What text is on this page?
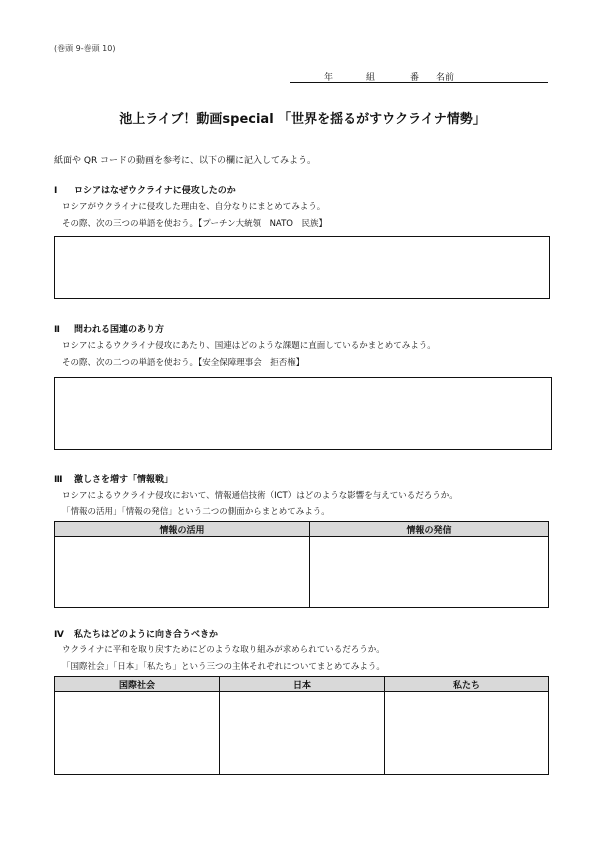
(巻頭 9-巻頭 10)
年	組	番 名前
池上ライブ！動画special 「世界を揺るがすウクライナ情勢」
紙面や QR コードの動画を参考に、以下の欄に記入してみよう。
Ⅰ ロシアはなぜウクライナに侵攻したのか
ロシアがウクライナに侵攻した理由を、自分なりにまとめてみよう。
その際、次の三つの単語を使おう。【プーチン大統領　NATO　民族】
Ⅱ 問われる国連のあり方
ロシアによるウクライナ侵攻にあたり、国連はどのような課題に直面しているかまとめてみよう。
その際、次の二つの単語を使おう。【安全保障理事会　拒否権】
Ⅲ 激しさを増す「情報戦」
ロシアによるウクライナ侵攻において、情報通信技術（ICT）はどのような影響を与えているだろうか。
「情報の活用」「情報の発信」という二つの側面からまとめてみよう。
情報の活用	情報の発信

Ⅳ 私たちはどのように向き合うべきか
ウクライナに平和を取り戻すためにどのような取り組みが求められているだろうか。
「国際社会」「日本」「私たち」という三つの主体それぞれについてまとめてみよう。
国際社会	日本	私たち
